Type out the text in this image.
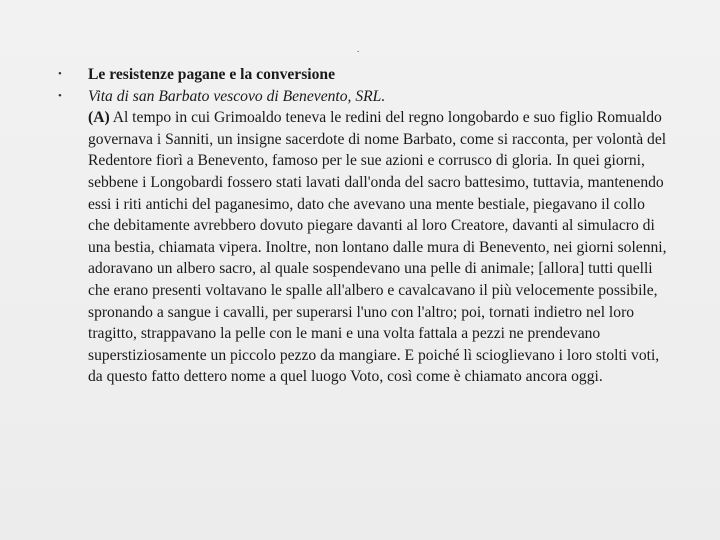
.
•	Le resistenze pagane e la conversione
•	Vita di san Barbato vescovo di Benevento, SRL.
(A) Al tempo in cui Grimoaldo teneva le redini del regno longobardo e suo figlio Romualdo governava i Sanniti, un insigne sacerdote di nome Barbato, come si racconta, per volontà del Redentore fiorì a Benevento, famoso per le sue azioni e corrusco di gloria. In quei giorni, sebbene i Longobardi fossero stati lavati dall'onda del sacro battesimo, tuttavia, mantenendo essi i riti antichi del paganesimo, dato che avevano una mente bestiale, piegavano il collo che debitamente avrebbero dovuto piegare davanti al loro Creatore, davanti al simulacro di una bestia, chiamata vipera. Inoltre, non lontano dalle mura di Benevento, nei giorni solenni, adoravano un albero sacro, al quale sospendevano una pelle di animale; [allora] tutti quelli che erano presenti voltavano le spalle all'albero e cavalcavano il più velocemente possibile, spronando a sangue i cavalli, per superarsi l'uno con l'altro; poi, tornati indietro nel loro tragitto, strappavano la pelle con le mani e una volta fattala a pezzi ne prendevano superstiziosamente un piccolo pezzo da mangiare. E poiché lì scioglievano i loro stolti voti, da questo fatto dettero nome a quel luogo Voto, così come è chiamato ancora oggi.
